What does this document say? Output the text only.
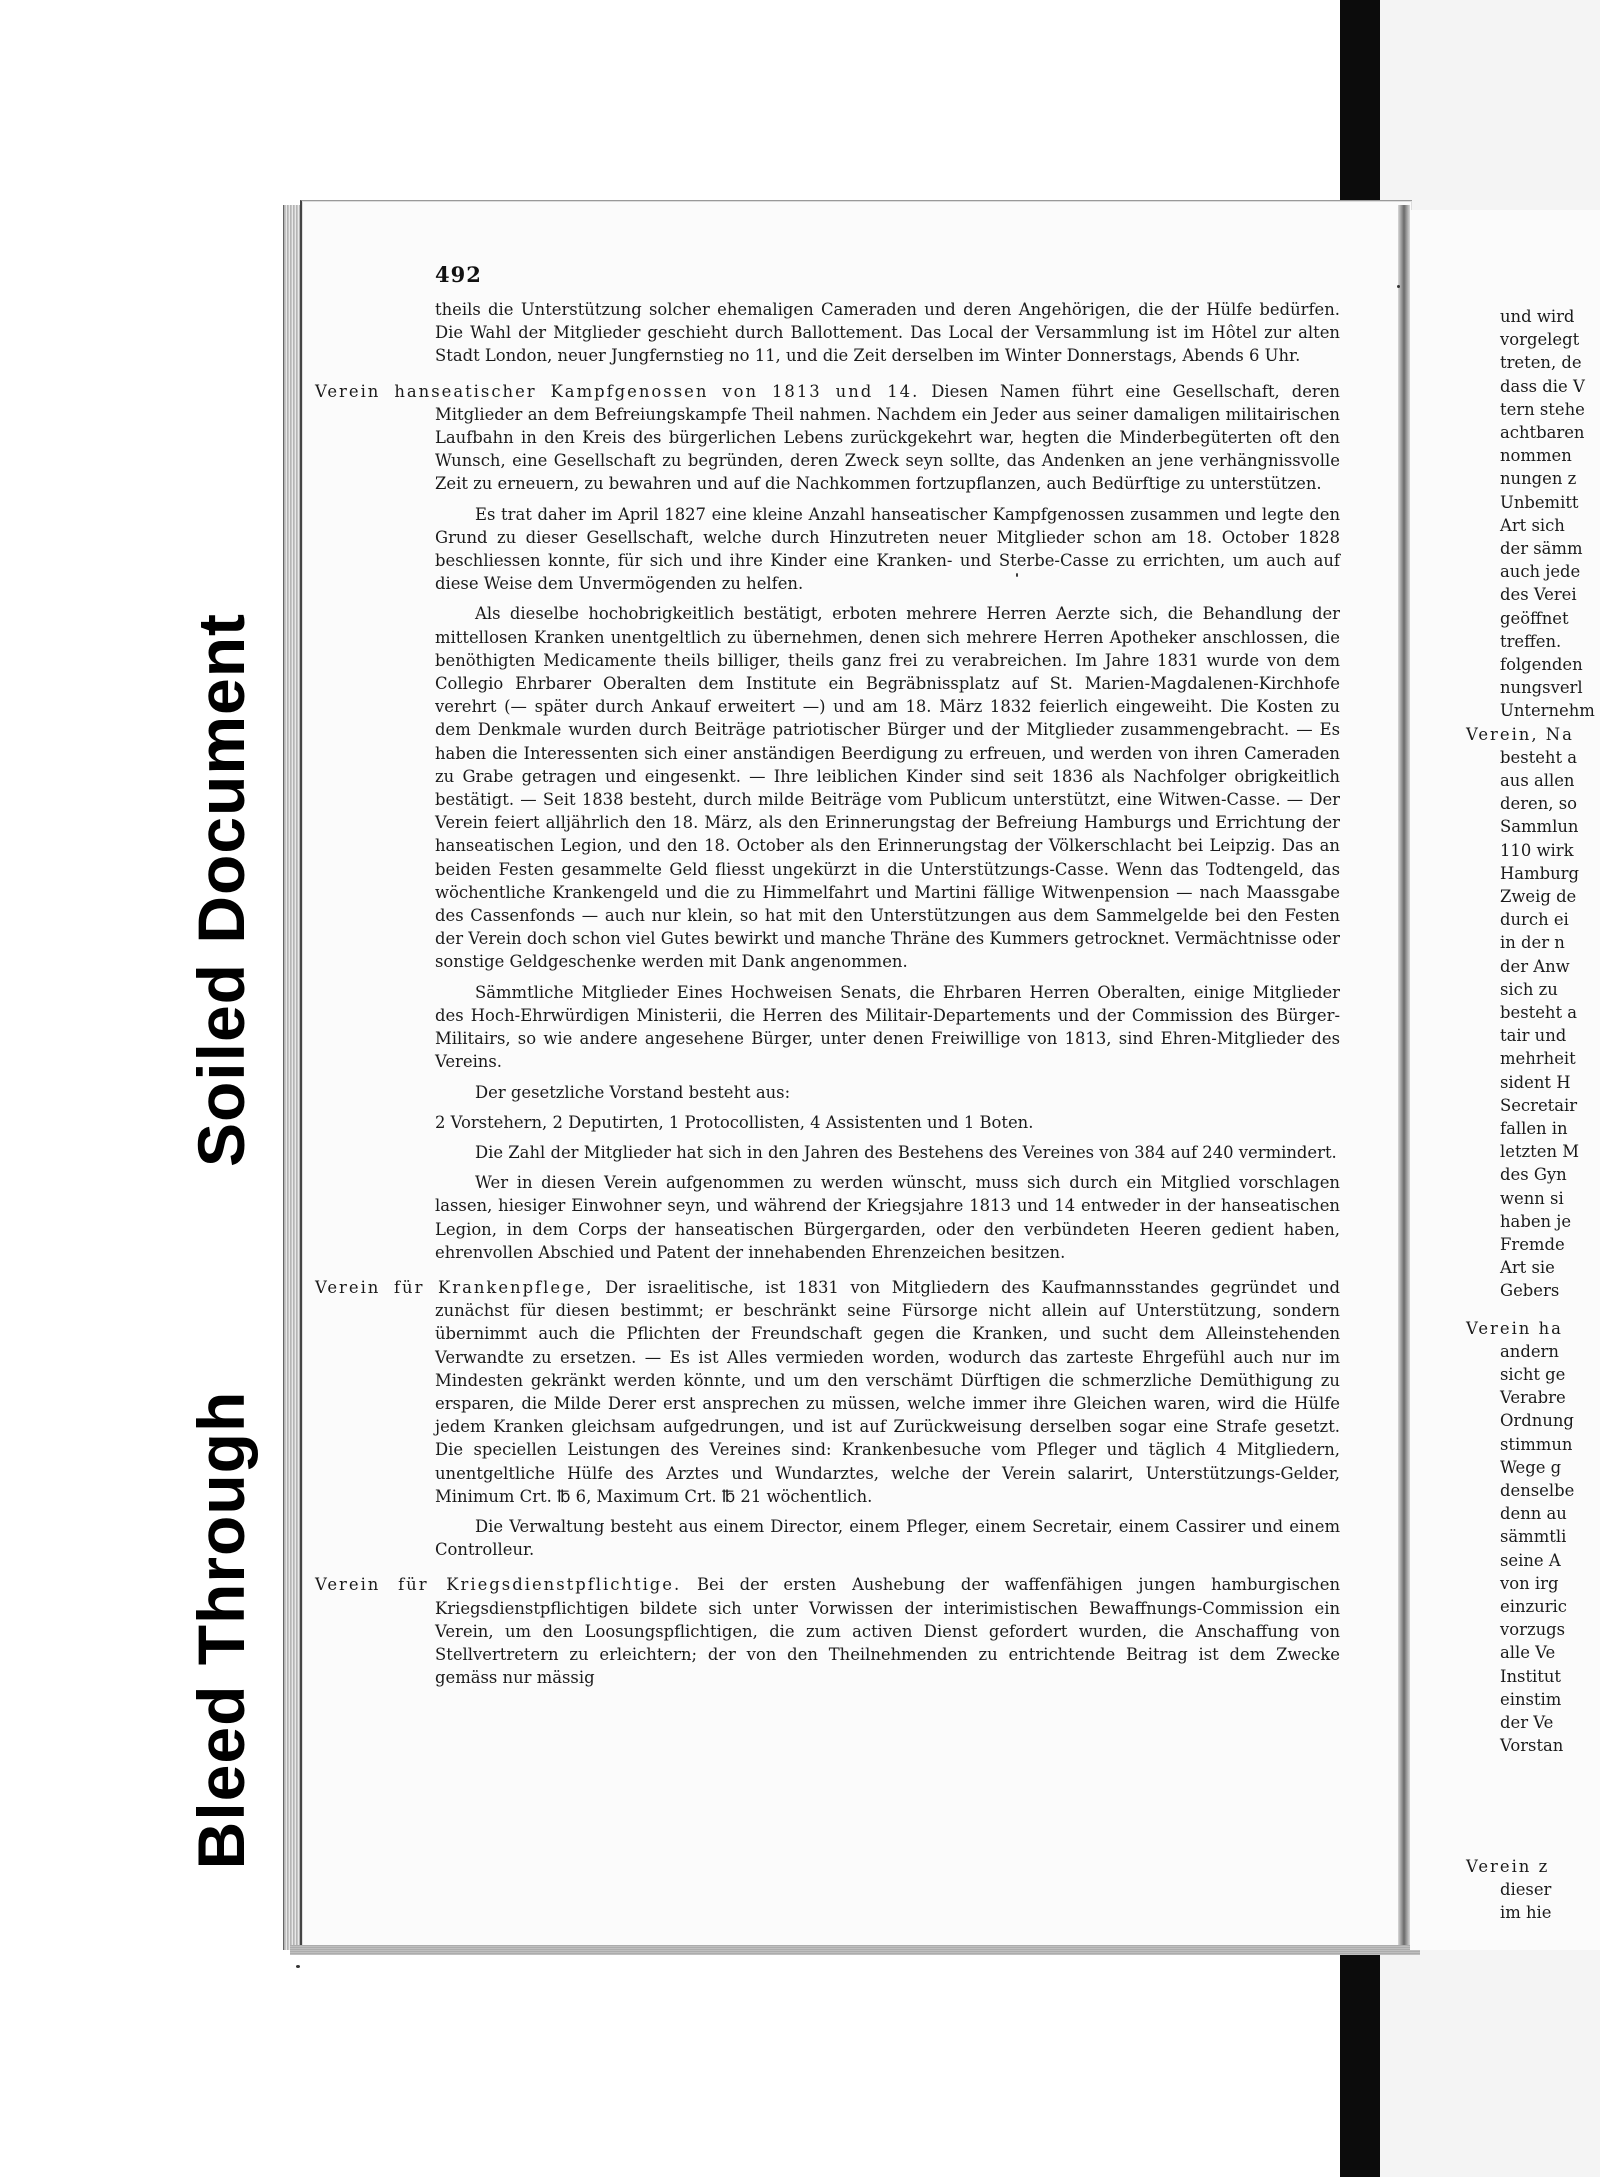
Soiled Document
Bleed Through
492

theils die Unterstützung solcher ehemaligen Cameraden und deren Angehörigen, die der Hülfe bedürfen. Die Wahl der Mitglieder geschieht durch Ballottement. Das Local der Versammlung ist im Hôtel zur alten Stadt London, neuer Jungfernstieg no 11, und die Zeit derselben im Winter Donnerstags, Abends 6 Uhr.

Verein hanseatischer Kampfgenossen von 1813 und 14. Diesen Namen führt eine Gesellschaft, deren Mitglieder an dem Befreiungskampfe Theil nahmen. Nachdem ein Jeder aus seiner damaligen militairischen Laufbahn in den Kreis des bürgerlichen Lebens zurückgekehrt war, hegten die Minderbegüterten oft den Wunsch, eine Gesellschaft zu begründen, deren Zweck seyn sollte, das Andenken an jene verhängnissvolle Zeit zu erneuern, zu bewahren und auf die Nachkommen fortzupflanzen, auch Bedürftige zu unterstützen.

Es trat daher im April 1827 eine kleine Anzahl hanseatischer Kampfgenossen zusammen und legte den Grund zu dieser Gesellschaft, welche durch Hinzutreten neuer Mitglieder schon am 18. October 1828 beschliessen konnte, für sich und ihre Kinder eine Kranken- und Sterbe-Casse zu errichten, um auch auf diese Weise dem Unvermögenden zu helfen.

Als dieselbe hochobrigkeitlich bestätigt, erboten mehrere Herren Aerzte sich, die Behandlung der mittellosen Kranken unentgeltlich zu übernehmen, denen sich mehrere Herren Apotheker anschlossen, die benöthigten Medicamente theils billiger, theils ganz frei zu verabreichen. Im Jahre 1831 wurde von dem Collegio Ehrbarer Oberalten dem Institute ein Begräbnissplatz auf St. Marien-Magdalenen-Kirchhofe verehrt (— später durch Ankauf erweitert —) und am 18. März 1832 feierlich eingeweiht. Die Kosten zu dem Denkmale wurden durch Beiträge patriotischer Bürger und der Mitglieder zusammengebracht. — Es haben die Interessenten sich einer anständigen Beerdigung zu erfreuen, und werden von ihren Cameraden zu Grabe getragen und eingesenkt. — Ihre leiblichen Kinder sind seit 1836 als Nachfolger obrigkeitlich bestätigt. — Seit 1838 besteht, durch milde Beiträge vom Publicum unterstützt, eine Witwen-Casse. — Der Verein feiert alljährlich den 18. März, als den Erinnerungstag der Befreiung Hamburgs und Errichtung der hanseatischen Legion, und den 18. October als den Erinnerungstag der Völkerschlacht bei Leipzig. Das an beiden Festen gesammelte Geld fliesst ungekürzt in die Unterstützungs-Casse. Wenn das Todtengeld, das wöchentliche Krankengeld und die zu Himmelfahrt und Martini fällige Witwenpension — nach Maassgabe des Cassenfonds — auch nur klein, so hat mit den Unterstützungen aus dem Sammelgelde bei den Festen der Verein doch schon viel Gutes bewirkt und manche Thräne des Kummers getrocknet. Vermächtnisse oder sonstige Geldgeschenke werden mit Dank angenommen.

Sämmtliche Mitglieder Eines Hochweisen Senats, die Ehrbaren Herren Oberalten, einige Mitglieder des Hoch-Ehrwürdigen Ministerii, die Herren des Militair-Departements und der Commission des Bürger-Militairs, so wie andere angesehene Bürger, unter denen Freiwillige von 1813, sind Ehren-Mitglieder des Vereins.

Der gesetzliche Vorstand besteht aus:

2 Vorstehern, 2 Deputirten, 1 Protocollisten, 4 Assistenten und 1 Boten.

Die Zahl der Mitglieder hat sich in den Jahren des Bestehens des Vereines von 384 auf 240 vermindert.

Wer in diesen Verein aufgenommen zu werden wünscht, muss sich durch ein Mitglied vorschlagen lassen, hiesiger Einwohner seyn, und während der Kriegsjahre 1813 und 14 entweder in der hanseatischen Legion, in dem Corps der hanseatischen Bürgergarden, oder den verbündeten Heeren gedient haben, ehrenvollen Abschied und Patent der innehabenden Ehrenzeichen besitzen.

Verein für Krankenpflege, Der israelitische, ist 1831 von Mitgliedern des Kaufmannsstandes gegründet und zunächst für diesen bestimmt; er beschränkt seine Fürsorge nicht allein auf Unterstützung, sondern übernimmt auch die Pflichten der Freundschaft gegen die Kranken, und sucht dem Alleinstehenden Verwandte zu ersetzen. — Es ist Alles vermieden worden, wodurch das zarteste Ehrgefühl auch nur im Mindesten gekränkt werden könnte, und um den verschämt Dürftigen die schmerzliche Demüthigung zu ersparen, die Milde Derer erst ansprechen zu müssen, welche immer ihre Gleichen waren, wird die Hülfe jedem Kranken gleichsam aufgedrungen, und ist auf Zurückweisung derselben sogar eine Strafe gesetzt. Die speciellen Leistungen des Vereines sind: Krankenbesuche vom Pfleger und täglich 4 Mitgliedern, unentgeltliche Hülfe des Arztes und Wundarztes, welche der Verein salarirt, Unterstützungs-Gelder, Minimum Crt. ℔ 6, Maximum Crt. ℔ 21 wöchentlich.

Die Verwaltung besteht aus einem Director, einem Pfleger, einem Secretair, einem Cassirer und einem Controlleur.

Verein für Kriegsdienstpflichtige. Bei der ersten Aushebung der waffenfähigen jungen hamburgischen Kriegsdienstpflichtigen bildete sich unter Vorwissen der interimistischen Bewaffnungs-Commission ein Verein, um den Loosungspflichtigen, die zum activen Dienst gefordert wurden, die Anschaffung von Stellvertretern zu erleichtern; der von den Theilnehmenden zu entrichtende Beitrag ist dem Zwecke gemäss nur mässig

und wird
vorgelegt
treten, de
dass die V
tern stehe
achtbaren
nommen
nungen z
Unbemitt
Art sich
der sämm
auch jede
des Verei
geöffnet
treffen.
folgenden
nungsverl
Unternehm
Verein, Na
besteht a
aus allen
deren, so
Sammlun
110 wirk
Hamburg
Zweig de
durch ei
in der n
der Anw
sich zu
besteht a
tair und
mehrheit
sident H
Secretair
fallen in
letzten M
des Gyn
wenn si
haben je
Fremde
Art sie
Gebers
Verein ha
andern
sicht ge
Verabre
Ordnung
stimmun
Wege g
denselbe
denn au
sämmtli
seine A
von irg
einzuric
vorzugs
alle Ve
Institut
einstim
der Ve
Vorstan
Verein z
dieser
im hie
